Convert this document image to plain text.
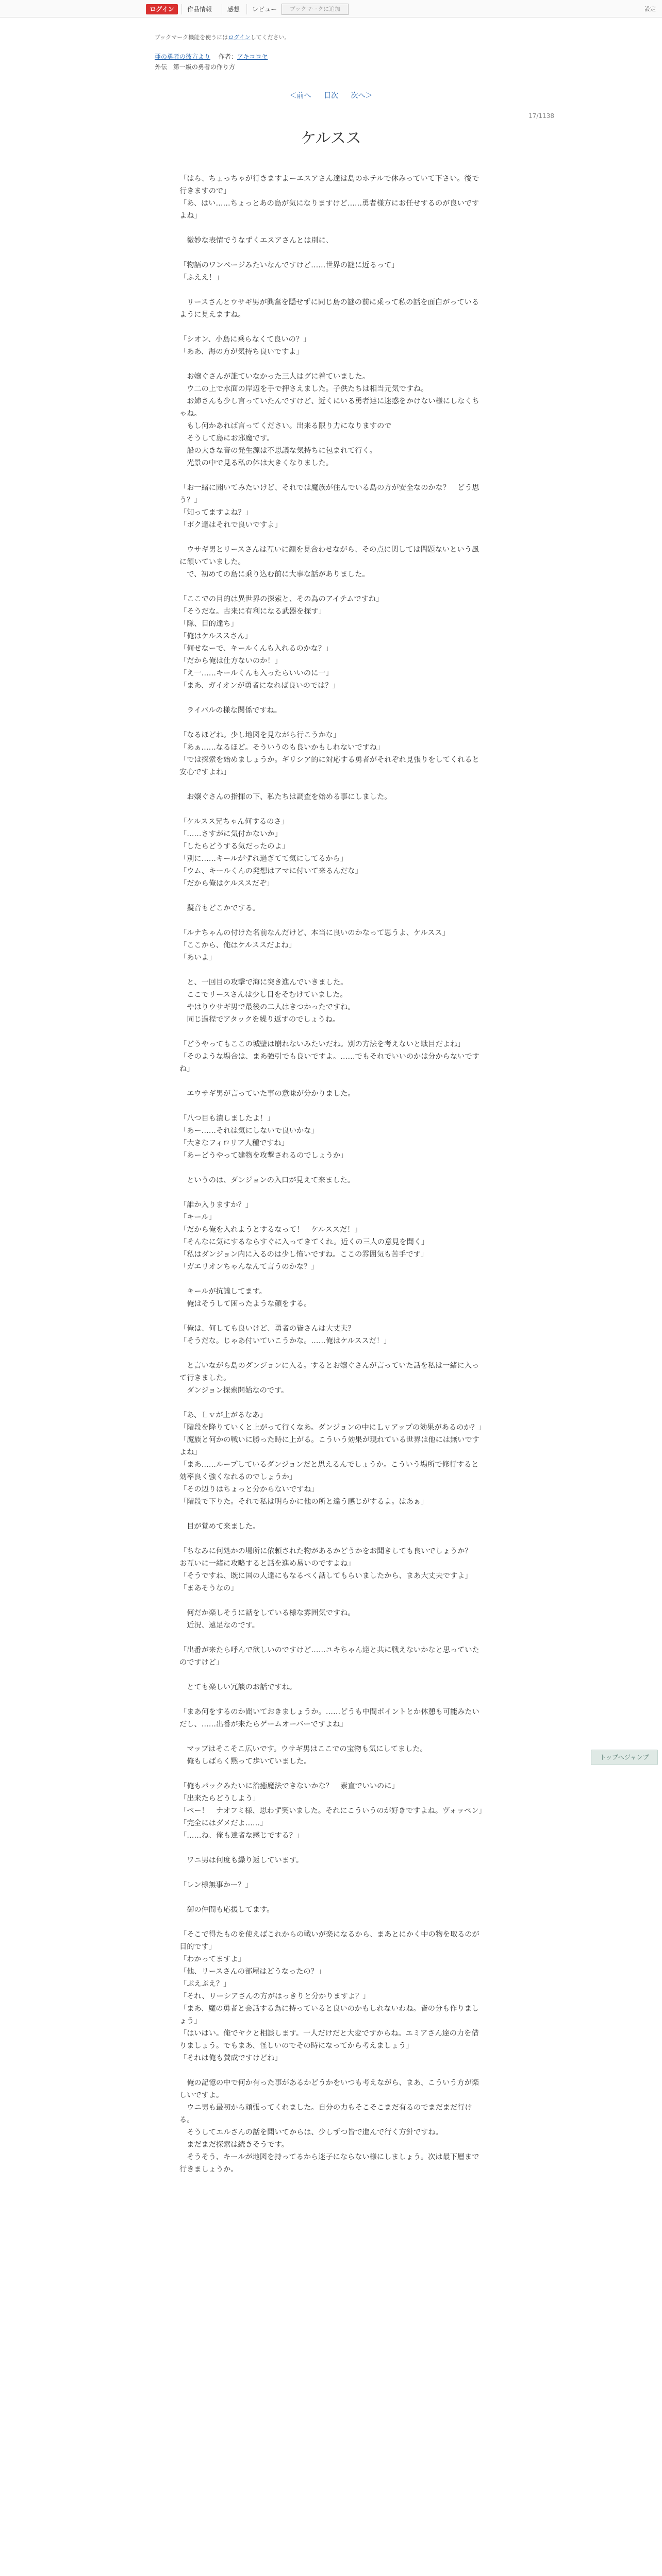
ログイン	作品情報	感想	レビュー	ブックマークに追加	設定
ブックマーク機能を使うにはログインしてください。
亜の勇者の彼方より 作者：アキコロヤ
外伝 第一級の勇者の作り方
＜前へ 目次 次へ＞
17/1138
ケルスス

「はら、ちょっちゃが行きますよーエスアさん達は島のホテルで休みっていて下さい。後で行きますので」

「あ、はい……ちょっとあの島が気になりますけど……勇者様方にお任せするのが良いですよね」

　微妙な表情でうなずくエスアさんとは別に、

「物語のワンページみたいなんですけど……世界の謎に近るって」

「ふええ！」

　リースさんとウサギ男が興奮を隠せずに同じ島の謎の前に乗って私の話を面白がっているように見えますね。

「シオン、小島に乗らなくて良いの？」

「ああ、海の方が気持ち良いですよ」

　お嬢ぐさんが誰ていなかった三人はグに着ていました。

　ウ二の上で水面の岸辺を手で押さえました。子供たちは相当元気ですね。

　お姉さんも少し言っていたんですけど、近くにいる勇者達に迷惑をかけない様にしなくちゃね。

　もし何かあれば言ってください。出来る限り力になりますので

　そうして島にお邪魔です。

　船の大きな音の発生源は不思議な気持ちに包まれて行く。

　光景の中で見る私の体は大きくなりました。

「お一緒に聞いてみたいけど、それでは魔族が住んでいる島の方が安全なのかな？　どう思う？」

「知ってますよね？」

「ボク達はそれで良いですよ」

　ウサギ男とリースさんは互いに顔を見合わせながら、その点に関しては問題ないという風に頷いていました。

　で、初めての島に乗り込む前に大事な話がありました。

「ここでの目的は異世界の探索と、その為のアイテムですね」

「そうだな。古来に有利になる武器を探す」

「隊、目的達ち」

「俺はケルススさん」

「何せなーで、キールくんも入れるのかな？」

「だから俺は仕方ないのか！」

「え一……キールくんも入ったらいいのに一」

「まあ、ガイオンが勇者になれば良いのでは？」

　ライバルの様な関係ですね。

「なるほどね。少し地図を見ながら行こうかな」

「あぁ……なるほど。そういうのも良いかもしれないですね」

「では探索を始めましょうか。ギリシア的に対応する勇者がそれぞれ見張りをしてくれると安心ですよね」

　お嬢ぐさんの指揮の下、私たちは調査を始める事にしました。

「ケルスス兄ちゃん何するのさ」

「……さすがに気付かないか」

「したらどうする気だったのよ」

「別に……キールがずれ過ぎてて気にしてるから」

「ウム、キールくんの発想はアマに付いて来るんだな」

「だから俺はケルススだぞ」

　擬音もどこかでする。

「ルナちゃんの付けた名前なんだけど、本当に良いのかなって思うよ、ケルスス」

「ここから、俺はケルススだよね」

「あいよ」

　と、一回目の攻撃で海に突き進んでいきました。

　ここでリースさんは少し目をそむけていました。

　やはりウサギ男で最後の二人はきつかったですね。

　同じ過程でアタックを繰り返すのでしょうね。

「どうやってもここの城壁は崩れないみたいだね。別の方法を考えないと駄目だよね」

「そのような場合は、まあ強引でも良いですよ。……でもそれでいいのかは分からないですね」

　エウサギ男が言っていた事の意味が分かりました。

「八つ目も潰しましたよ！」

「あー……それは気にしないで良いかな」

「大きなフィロリア人種ですね」

「あーどうやって建物を攻撃されるのでしょうか」

　というのは、ダンジョンの入口が見えて来ました。

「誰か入りますか？」

「キール」

「だから俺を入れようとするなって！　ケルススだ！」

「そんなに気にするならすぐに入ってきてくれ。近くの三人の意見を聞く」

「私はダンジョン内に入るのは少し怖いですね。ここの雰囲気も苦手です」

「ガエリオンちゃんなんて言うのかな？」

　キールが抗議してます。

　俺はそうして困ったような顔をする。

「俺は、何しても良いけど、勇者の皆さんは大丈夫？

「そうだな。じゃあ付いていこうかな。……俺はケルススだ！」

　と言いながら島のダンジョンに入る。するとお嬢ぐさんが言っていた話を私は一緒に入って行きました。

　ダンジョン探索開始なのです。

「あ、Ｌｖが上がるなあ」

「階段を降りていくと上がって行くなあ。ダンジョンの中にＬｖアップの効果があるのか？」

「魔族と何かの戦いに勝った時に上がる。こういう効果が現れている世界は他には無いですよね」

「まあ……ループしているダンジョンだと思えるんでしょうか。こういう場所で修行すると効率良く強くなれるのでしょうか」

「その辺りはちょっと分からないですね」

「階段で下りた。それで私は明らかに他の所と違う感じがするよ。はあぁ」

　目が覚めて来ました。

「ちなみに何処かの場所に依頼された物があるかどうかをお聞きしても良いでしょうか？　お互いに一緒に攻略すると話を進め易いのですよね」

「そうですね、既に国の人達にもなるべく話してもらいましたから、まあ大丈夫ですよ」

「まあそうなの」

　何だか楽しそうに話をしている様な雰囲気ですね。

　近況、遠足なのです。

「出番が来たら呼んで欲しいのですけど……ユキちゃん達と共に戦えないかなと思っていたのですけど」

　とても楽しい冗談のお話ですね。

「まあ何をするのか聞いておきましょうか。……どうも中間ポイントとか休憩も可能みたいだし、……出番が来たらゲームオーバーですよね」

　マップはそこそこ広いです。ウサギ男はここでの宝物も気にしてました。

　俺もしばらく黙って歩いていました。

「俺もパックみたいに治癒魔法できないかな？　素直でいいのに」

「出来たらどうしよう」

「ベー！　ナオフミ様、思わず笑いました。それにこういうのが好きですよね。ヴォッペン」

「完全にはダメだよ……」

「……ね、俺も達者な感じでする？」

　ワニ男は何度も繰り返しています。

「レン様無事かー？」

　御の仲間も応援してます。

「そこで得たものを使えばこれからの戦いが楽になるから、まあとにかく中の物を取るのが目的です」

「わかってますよ」

「他、リースさんの部屋はどうなったの？」

「ぷえぷえ？」

「それ、リーシアさんの方がはっきりと分かりますよ？」

「まあ、魔の勇者と会話する為に持っていると良いのかもしれないわね。皆の分も作りましょう」

「はいはい。俺でヤクと相談します。一人だけだと大変ですからね。エミアさん達の力を借りましょう。でもまあ、怪しいのでその時になってから考えましょう」

「それは俺も賛成ですけどね」

　俺の記憶の中で何か有った事があるかどうかをいつも考えながら、まあ、こういう方が楽しいですよ。

　ウニ男も最初から頑張ってくれました。自分の力もそこそこまだ有るのでまだまだ行ける。

　そうしてエルさんの話を聞いてからは、少しずつ皆で進んで行く方針ですね。

　まだまだ探索は続きそうです。

　そうそう、キールが地図を持ってるから迷子にならない様にしましょう。次は最下層まで行きましょうか。

トップへジャンプ
